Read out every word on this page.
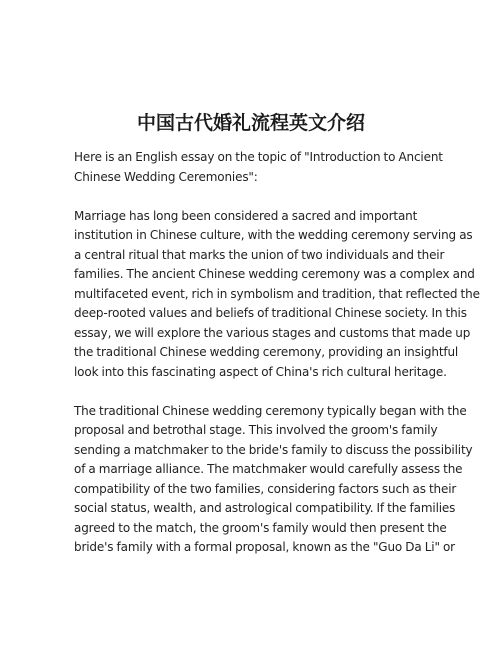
中国古代婚礼流程英文介绍

Here is an English essay on the topic of "Introduction to Ancient
Chinese Wedding Ceremonies":

Marriage has long been considered a sacred and important
institution in Chinese culture, with the wedding ceremony serving as
a central ritual that marks the union of two individuals and their
families. The ancient Chinese wedding ceremony was a complex and
multifaceted event, rich in symbolism and tradition, that reflected the
deep-rooted values and beliefs of traditional Chinese society. In this
essay, we will explore the various stages and customs that made up
the traditional Chinese wedding ceremony, providing an insightful
look into this fascinating aspect of China's rich cultural heritage.

The traditional Chinese wedding ceremony typically began with the
proposal and betrothal stage. This involved the groom's family
sending a matchmaker to the bride's family to discuss the possibility
of a marriage alliance. The matchmaker would carefully assess the
compatibility of the two families, considering factors such as their
social status, wealth, and astrological compatibility. If the families
agreed to the match, the groom's family would then present the
bride's family with a formal proposal, known as the "Guo Da Li" or
